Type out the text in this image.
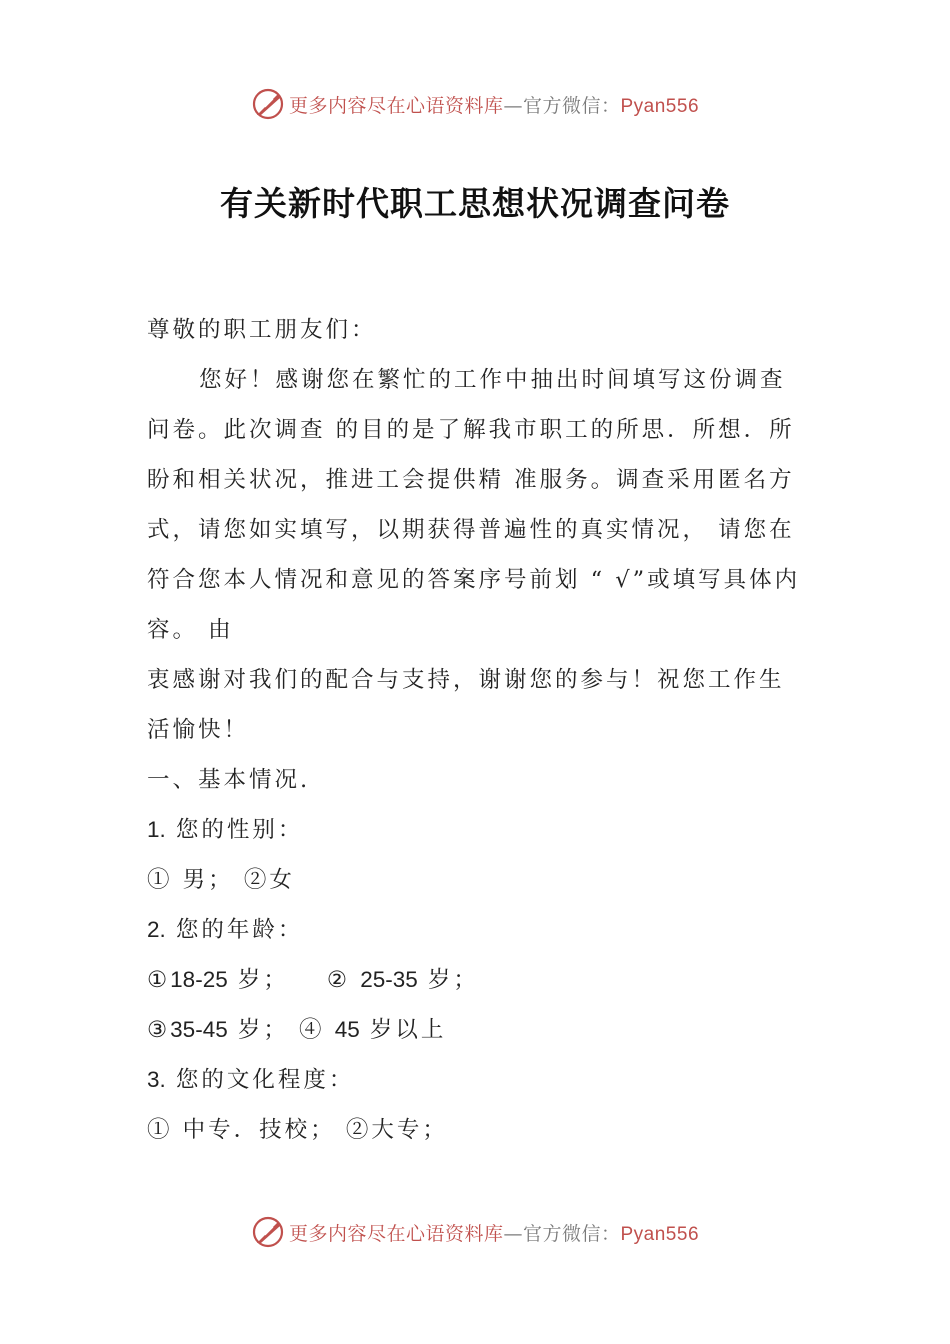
更多内容尽在心语资料库—官方微信：Pyan556
有关新时代职工思想状况调查问卷

尊敬的职工朋友们：

您好！感谢您在繁忙的工作中抽出时间填写这份调查问卷。此次调查 的目的是了解我市职工的所思．所想．所盼和相关状况，推进工会提供精 准服务。调查采用匿名方式，请您如实填写，以期获得普遍性的真实情况， 请您在符合您本人情况和意见的答案序号前划 “ √”或填写具体内容。 由

衷感谢对我们的配合与支持，谢谢您的参与！祝您工作生活愉快！

一、基本情况.

1. 您的性别：

① 男； ②女

2. 您的年龄：

①18-25 岁； ② 25-35 岁；

③35-45 岁； ④ 45 岁以上

3. 您的文化程度：

① 中专．技校； ②大专；

更多内容尽在心语资料库—官方微信：Pyan556
